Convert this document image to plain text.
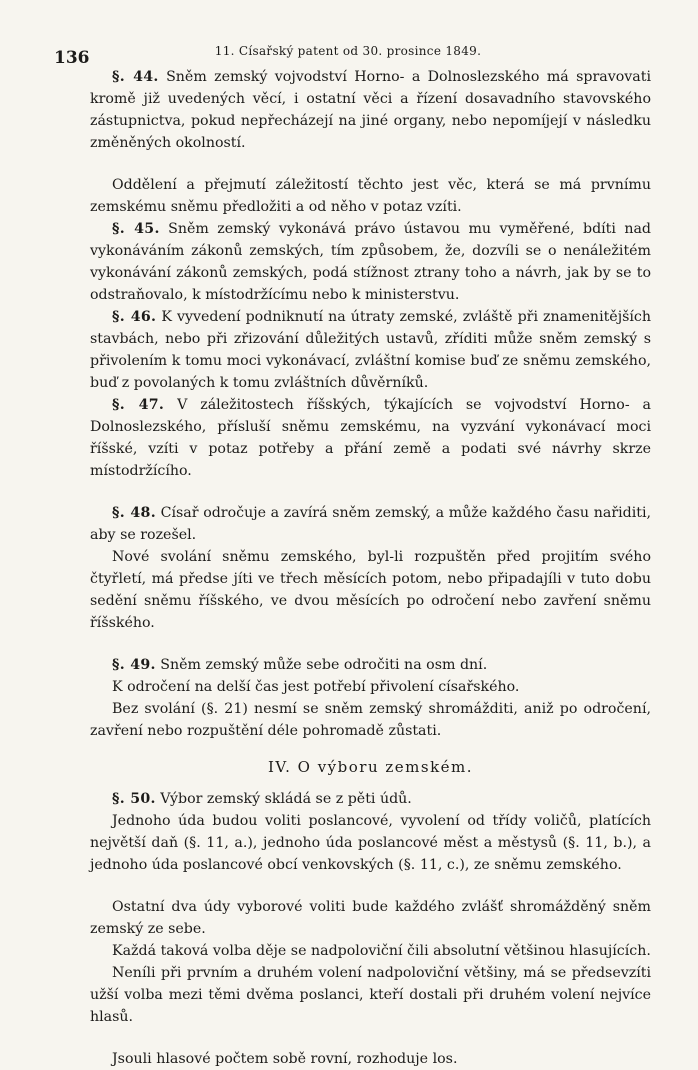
136	11. Císařský patent od 30. prosince 1849.

§. 44. Sněm zemský vojvodství Horno- a Dolnoslezského má spravovati kromě již uvedených věcí, i ostatní věci a řízení dosavadního stavovského zástupnictva, pokud nepřecházejí na jiné organy, nebo nepomíjejí v následku změněných okolností.

Oddělení a přejmutí záležitostí těchto jest věc, která se má prvnímu zemskému sněmu předložiti a od něho v potaz vzíti.

§. 45. Sněm zemský vykonává právo ústavou mu vyměřené, bdíti nad vykonáváním zákonů zemských, tím způsobem, že, dozvíli se o nenáležitém vykonávání zákonů zemských, podá stížnost ztrany toho a návrh, jak by se to odstraňovalo, k místodržícímu nebo k ministerstvu.

§. 46. K vyvedení podniknutí na útraty zemské, zvláště při znamenitějších stavbách, nebo při zřizování důležitých ustavů, zříditi může sněm zemský s přivolením k tomu moci vykonávací, zvláštní komise buď ze sněmu zemského, buď z povolaných k tomu zvláštních důvěrníků.

§. 47. V záležitostech říšských, týkajících se vojvodství Horno- a Dolnoslezského, přísluší sněmu zemskému, na vyzvání vykonávací moci říšské, vzíti v potaz potřeby a přání země a podati své návrhy skrze místodržícího.

§. 48. Císař odročuje a zavírá sněm zemský, a může každého času nařiditi, aby se rozešel.

Nové svolání sněmu zemského, byl-li rozpuštěn před projitím svého čtyřletí, má předse jíti ve třech měsících potom, nebo připadajíli v tuto dobu sedění sněmu říšského, ve dvou měsících po odročení nebo zavření sněmu říšského.

§. 49. Sněm zemský může sebe odročiti na osm dní.

K odročení na delší čas jest potřebí přivolení císařského.

Bez svolání (§. 21) nesmí se sněm zemský shromážditi, aniž po odročení, zavření nebo rozpuštění déle pohromadě zůstati.

IV. O výboru zemském.

§. 50. Výbor zemský skládá se z pěti údů.

Jednoho úda budou voliti poslancové, vyvolení od třídy voličů, platících největší daň (§. 11, a.), jednoho úda poslancové měst a městysů (§. 11, b.), a jednoho úda poslancové obcí venkovských (§. 11, c.), ze sněmu zemského.

Ostatní dva údy vyborové voliti bude každého zvlášť shromážděný sněm zemský ze sebe.

Každá taková volba děje se nadpoloviční čili absolutní většinou hlasujících.

Neníli při prvním a druhém volení nadpoloviční většiny, má se předsevzíti užší volba mezi těmi dvěma poslanci, kteří dostali při druhém volení nejvíce hlasů.

Jsouli hlasové počtem sobě rovní, rozhoduje los.
